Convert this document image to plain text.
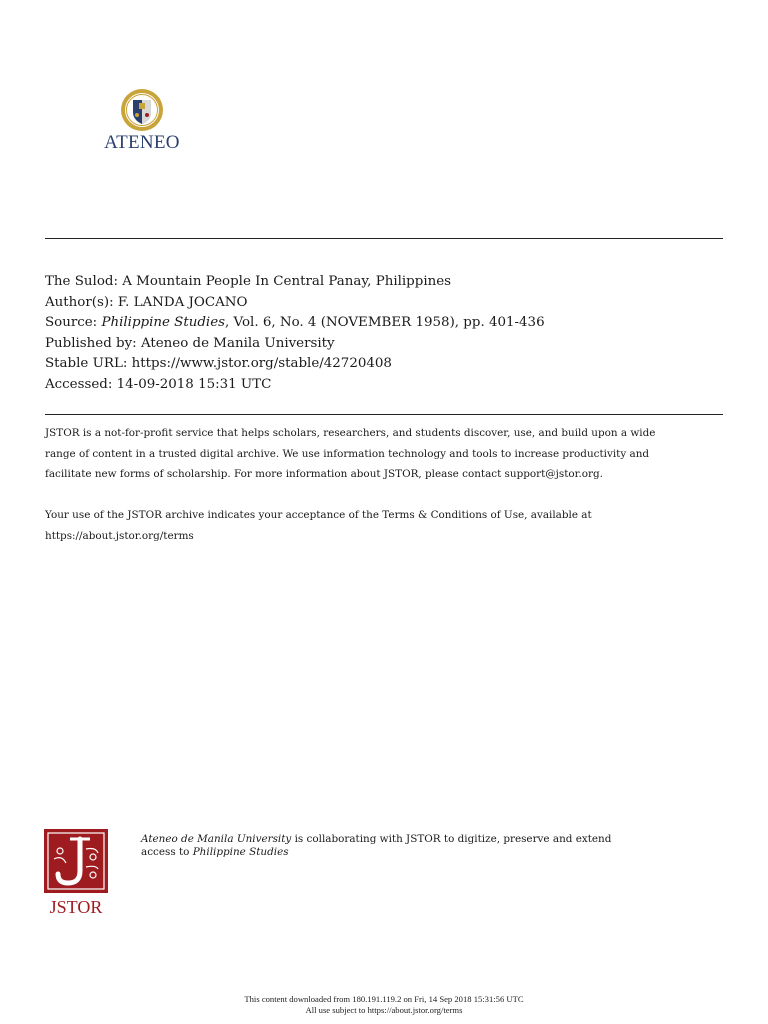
ATENEO
The Sulod: A Mountain People In Central Panay, Philippines
Author(s): F. LANDA JOCANO
Source: Philippine Studies, Vol. 6, No. 4 (NOVEMBER 1958), pp. 401-436
Published by: Ateneo de Manila University
Stable URL: https://www.jstor.org/stable/42720408
Accessed: 14-09-2018 15:31 UTC

JSTOR is a not-for-profit service that helps scholars, researchers, and students discover, use, and build upon a wide

range of content in a trusted digital archive. We use information technology and tools to increase productivity and

facilitate new forms of scholarship. For more information about JSTOR, please contact support@jstor.org.

Your use of the JSTOR archive indicates your acceptance of the Terms & Conditions of Use, available at

https://about.jstor.org/terms

JSTOR
Ateneo de Manila University is collaborating with JSTOR to digitize, preserve and extend
access to Philippine Studies
This content downloaded from 180.191.119.2 on Fri, 14 Sep 2018 15:31:56 UTC
All use subject to https://about.jstor.org/terms
